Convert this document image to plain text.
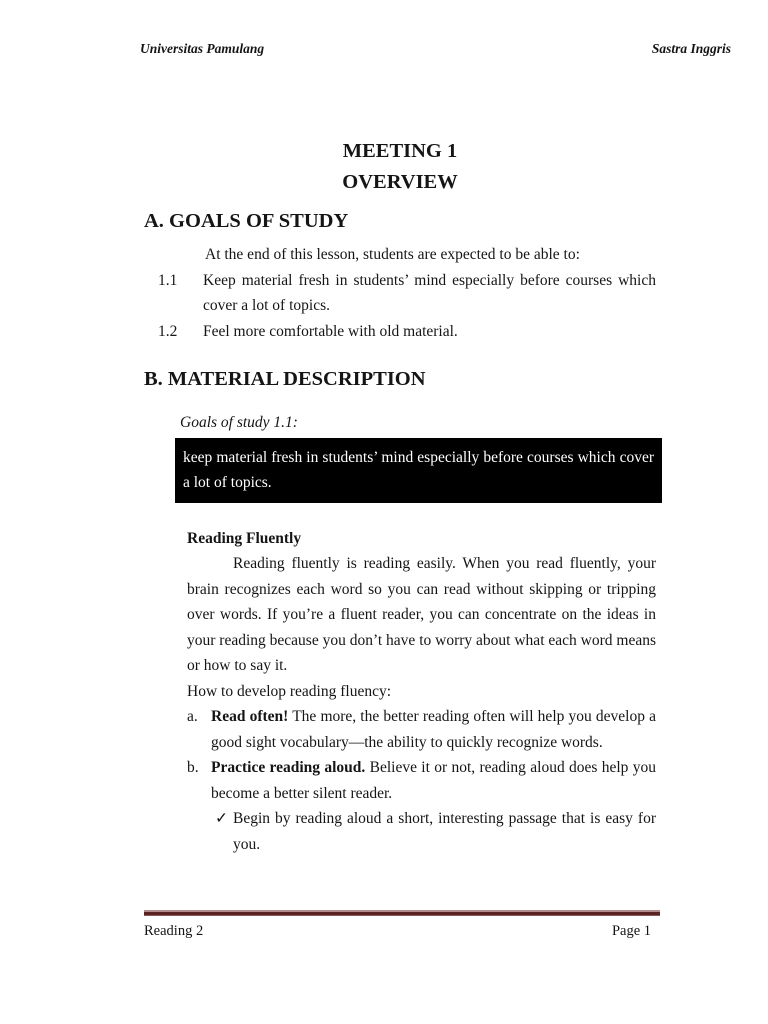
Universitas Pamulang	Sastra Inggris
MEETING 1
OVERVIEW
A. GOALS OF STUDY

At the end of this lesson, students are expected to be able to:

1.1	Keep material fresh in students’ mind especially before courses which cover a lot of topics.
1.2	Feel more comfortable with old material.
B. MATERIAL DESCRIPTION

Goals of study 1.1:

keep material fresh in students’ mind especially before courses which cover a lot of topics.
Reading Fluently

Reading fluently is reading easily. When you read fluently, your brain recognizes each word so you can read without skipping or tripping over words. If you’re a fluent reader, you can concentrate on the ideas in your reading because you don’t have to worry about what each word means or how to say it.

How to develop reading fluency:

a. Read often! The more, the better reading often will help you develop a good sight vocabulary—the ability to quickly recognize words.
b. Practice reading aloud. Believe it or not, reading aloud does help you become a better silent reader.
✓ Begin by reading aloud a short, interesting passage that is easy for you.
Reading 2	Page 1
